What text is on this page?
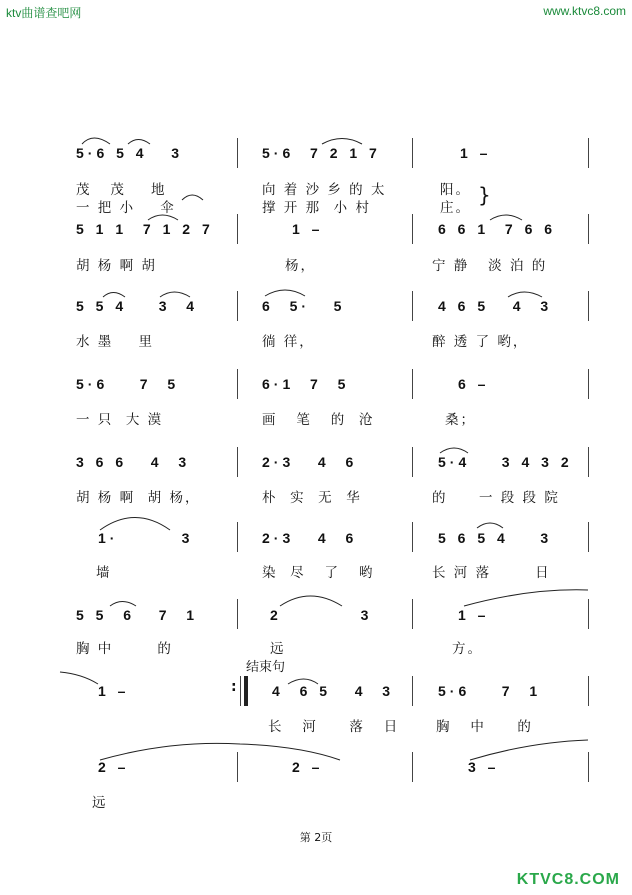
ktv曲谱查吧网	www.ktvc8.com
:
5·6 5 4   3	5·6  7 2 1 7	1 –
茂   茂    地	向 着 沙 乡 的 太	阳。
一 把 小    伞	撑 开 那  小 村	庄。
}
5 1 1  7 1 2 7	1 –	6 6 1  7 6 6
胡 杨 啊 胡	杨，	宁 静   淡 泊 的
5 5 4    3  4	6  5·   5	4 6 5   4  3
水 墨    里	徜 徉，	醉 透 了 哟，
5·6    7  5	6·1  7  5	6 –
一 只  大 漠	画   笔   的  沧	桑；
3 6 6   4  3	2·3   4  6	5·4    3 4 3 2
胡 杨 啊  胡 杨，	朴  实  无  华	的     一 段 段 院
1·        3	2·3   4  6	5 6 5 4    3
墙	染  尽   了   哟	长 河 落       日
5 5  6   7  1	2          3	1 –
胸 中       的	远	方。
结束句
1 –	4  6 5   4  3	5·6    7  1
长   河     落   日	胸   中     的
2 –	2 –	3 –
远
第 2页
KTVC8.COM
